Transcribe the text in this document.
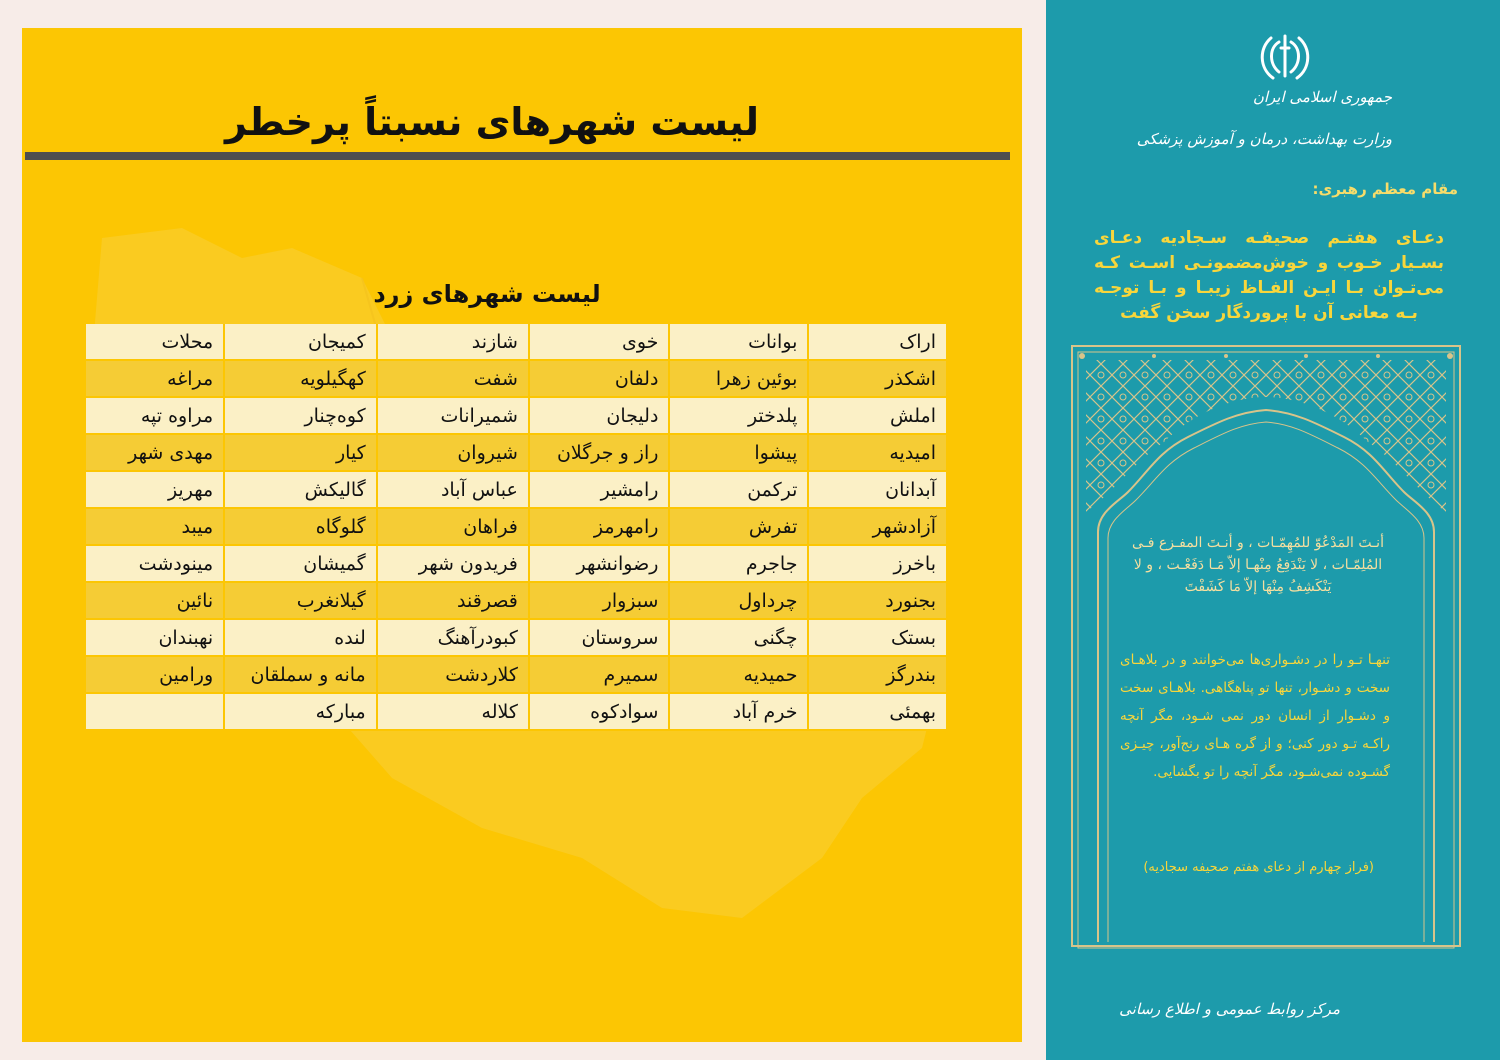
لیست شهرهای نسبتاً پرخطر
لیست شهرهای زرد
اراک	بوانات	خوی	شازند	کمیجان	محلات
اشکذر	بوئین زهرا	دلفان	شفت	کهگیلویه	مراغه
املش	پلدختر	دلیجان	شمیرانات	کوه‌چنار	مراوه تپه
امیدیه	پیشوا	راز و جرگلان	شیروان	کیار	مهدی شهر
آبدانان	ترکمن	رامشیر	عباس آباد	گالیکش	مهریز
آزادشهر	تفرش	رامهرمز	فراهان	گلوگاه	میبد
باخرز	جاجرم	رضوانشهر	فریدون شهر	گمیشان	مینودشت
بجنورد	چرداول	سبزوار	قصرقند	گیلانغرب	نائین
بستک	چگنی	سروستان	کبودرآهنگ	لنده	نهبندان
بندرگز	حمیدیه	سمیرم	کلاردشت	مانه و سملقان	ورامین
بهمئی	خرم آباد	سوادکوه	کلاله	مبارکه	
جمهوری اسلامی ایران
وزارت بهداشت، درمان و آموزش پزشکی
مقام معظم رهبری:
دعـای هفتـم صحیفـه سـجادیه دعـای بسـیار خـوب و خوش‌مضمونـی اسـت کـه می‌تـوان بـا ایـن الفـاظ زیبـا و بـا توجـه بـه معانی آن با پروردگار سخن گفت
أنـتَ المَدْعُوّ للمُهِمّـات ، و أنـتَ المفـزع فـی المُلِمّـات ، لا یَنْدَفِعُ مِنْهـا إلاّ مَـا دَفَعْـت ، و لا یَنْكَشِفُ مِنْهَا إلاّ مَا كَشَفْتَ
تنهـا تـو را در دشـواری‌ها می‌خوانند و در بلاهـای سخت و دشـوار، تنها تو پناهگاهی. بلاهـای سخت و دشـوار از انسان دور نمی شـود، مگر آنچه راکـه تـو دور کنی؛ و از گره هـای رنج‌آور، چیـزی گشـوده نمی‌شـود، مگر آنچه را تو بگشایی.
(فراز چهارم از دعای هفتم صحیفه سجادیه)
مرکز روابط عمومی و اطلاع رسانی
